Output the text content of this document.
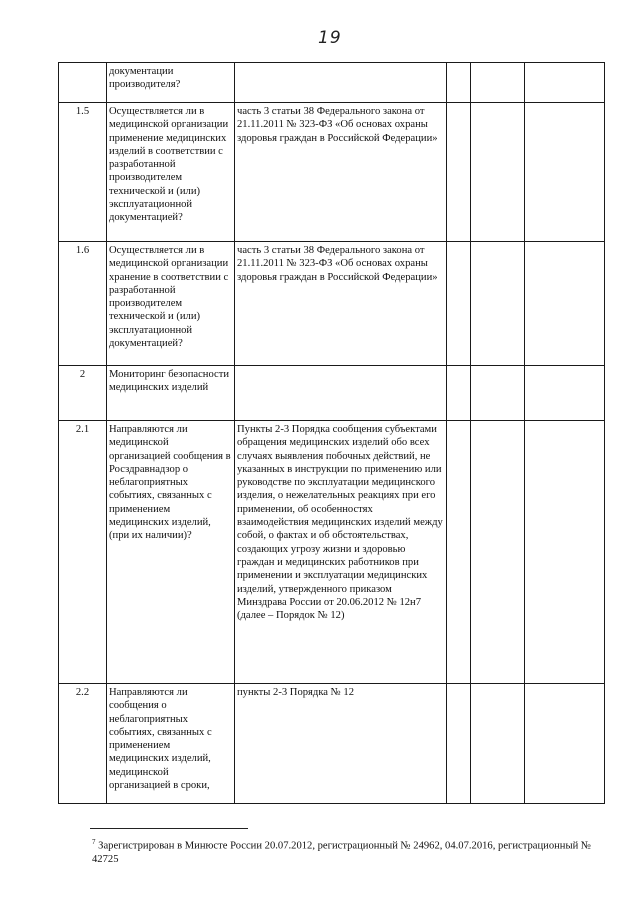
19
	документации производителя?				
1.5	Осуществляется ли в медицинской организации применение медицинских изделий в соответствии с разработанной производителем технической и (или) эксплуатационной документацией?	часть 3 статьи 38 Федерального закона от 21.11.2011 № 323-ФЗ «Об основах охраны здоровья граждан в Российской Федерации»			
1.6	Осуществляется ли в медицинской организации хранение в соответствии с разработанной производителем технической и (или) эксплуатационной документацией?	часть 3 статьи 38 Федерального закона от 21.11.2011 № 323-ФЗ «Об основах охраны здоровья граждан в Российской Федерации»			
2	Мониторинг безопасности медицинских изделий				
2.1	Направляются ли медицинской организацией сообщения в Росздравнадзор о неблагоприятных событиях, связанных с применением медицинских изделий, (при их наличии)?	Пункты 2-3 Порядка сообщения субъектами обращения медицинских изделий обо всех случаях выявления побочных действий, не указанных в инструкции по применению или руководстве по эксплуатации медицинского изделия, о нежелательных реакциях при его применении, об особенностях взаимодействия медицинских изделий между собой, о фактах и об обстоятельствах, создающих угрозу жизни и здоровью граждан и медицинских работников при применении и эксплуатации медицинских изделий, утвержденного приказом Минздрава России от 20.06.2012 № 12н7 (далее – Порядок № 12)			
2.2	Направляются ли сообщения о неблагоприятных событиях, связанных с применением медицинских изделий, медицинской организацией в сроки,	пункты 2-3 Порядка № 12			
$^7$ Зарегистрирован в Минюсте России 20.07.2012, регистрационный № 24962, 04.07.2016, регистрационный № 42725
